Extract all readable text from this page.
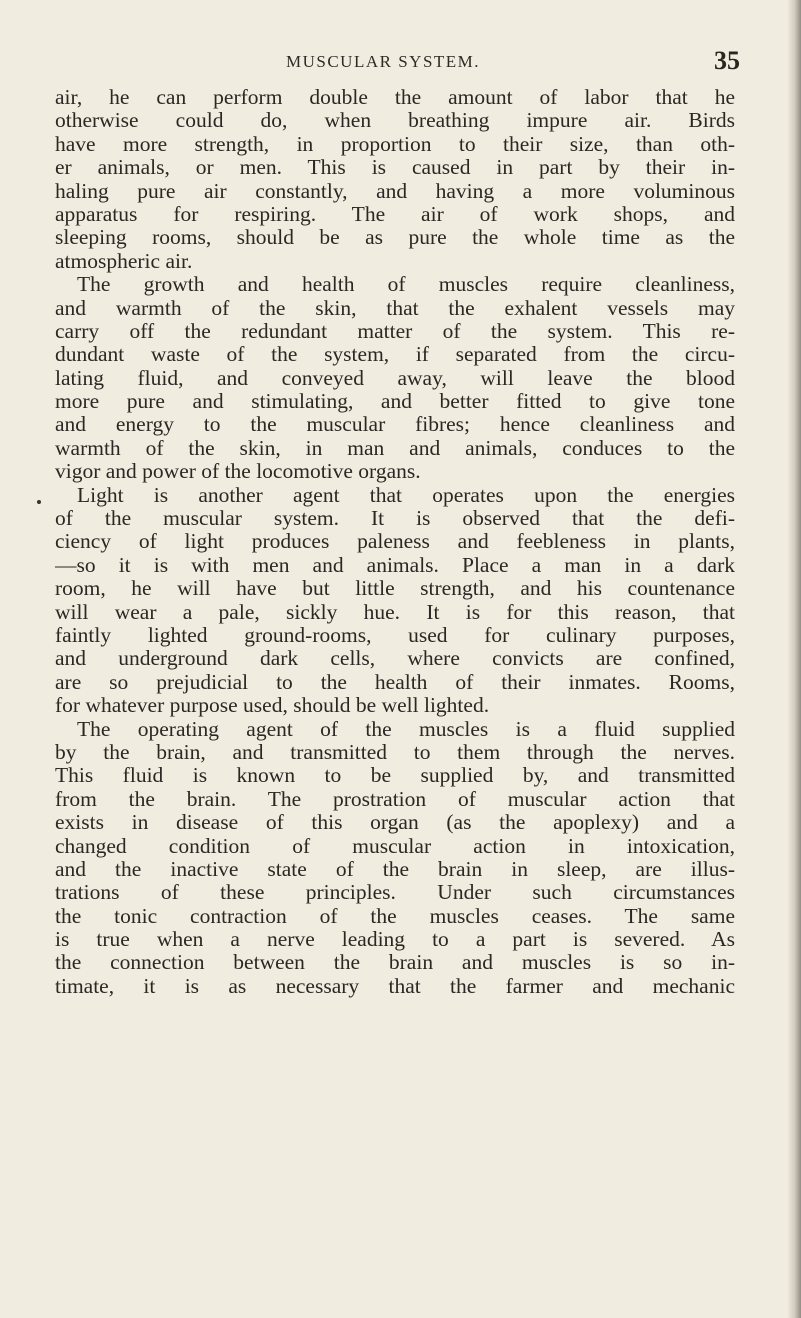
MUSCULAR SYSTEM.	35
air, he can perform double the amount of labor that he
otherwise could do, when breathing impure air. Birds
have more strength, in proportion to their size, than oth-
er animals, or men. This is caused in part by their in-
haling pure air constantly, and having a more voluminous
apparatus for respiring. The air of work shops, and
sleeping rooms, should be as pure the whole time as the
atmospheric air.
The growth and health of muscles require cleanliness,
and warmth of the skin, that the exhalent vessels may
carry off the redundant matter of the system. This re-
dundant waste of the system, if separated from the circu-
lating fluid, and conveyed away, will leave the blood
more pure and stimulating, and better fitted to give tone
and energy to the muscular fibres; hence cleanliness and
warmth of the skin, in man and animals, conduces to the
vigor and power of the locomotive organs.
Light is another agent that operates upon the energies
of the muscular system. It is observed that the defi-
ciency of light produces paleness and feebleness in plants,
—so it is with men and animals. Place a man in a dark
room, he will have but little strength, and his countenance
will wear a pale, sickly hue. It is for this reason, that
faintly lighted ground-rooms, used for culinary purposes,
and underground dark cells, where convicts are confined,
are so prejudicial to the health of their inmates. Rooms,
for whatever purpose used, should be well lighted.
The operating agent of the muscles is a fluid supplied
by the brain, and transmitted to them through the nerves.
This fluid is known to be supplied by, and transmitted
from the brain. The prostration of muscular action that
exists in disease of this organ (as the apoplexy) and a
changed condition of muscular action in intoxication,
and the inactive state of the brain in sleep, are illus-
trations of these principles. Under such circumstances
the tonic contraction of the muscles ceases. The same
is true when a nerve leading to a part is severed. As
the connection between the brain and muscles is so in-
timate, it is as necessary that the farmer and mechanic
